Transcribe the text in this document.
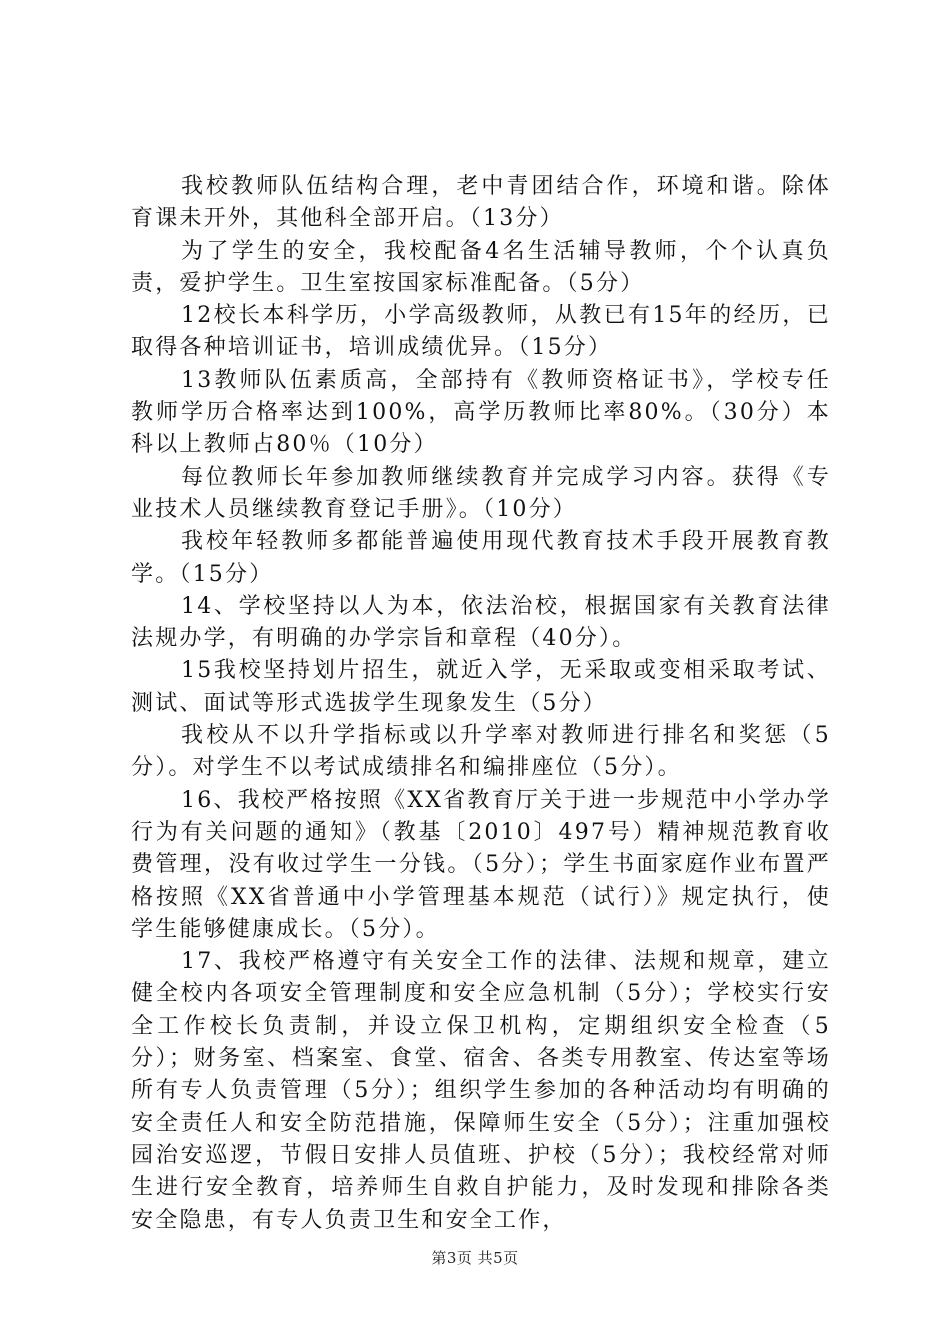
我校教师队伍结构合理，老中青团结合作，环境和谐。除体育课未开外，其他科全部开启。（13分）

为了学生的安全，我校配备4名生活辅导教师，个个认真负责，爱护学生。卫生室按国家标准配备。（5分）

12校长本科学历，小学高级教师，从教已有15年的经历，已取得各种培训证书，培训成绩优异。（15分）

13教师队伍素质高，全部持有《教师资格证书》，学校专任教师学历合格率达到100%，高学历教师比率80%。（30分）本科以上教师占80％（10分）

每位教师长年参加教师继续教育并完成学习内容。获得《专业技术人员继续教育登记手册》。（10分）

我校年轻教师多都能普遍使用现代教育技术手段开展教育教学。（15分）

14、学校坚持以人为本，依法治校，根据国家有关教育法律法规办学，有明确的办学宗旨和章程（40分）。

15我校坚持划片招生，就近入学，无采取或变相采取考试、测试、面试等形式选拔学生现象发生（5分）

我校从不以升学指标或以升学率对教师进行排名和奖惩（5分）。对学生不以考试成绩排名和编排座位（5分）。

16、我校严格按照《XX省教育厅关于进一步规范中小学办学行为有关问题的通知》（教基〔2010〕497号）精神规范教育收费管理，没有收过学生一分钱。（5分）；学生书面家庭作业布置严格按照《XX省普通中小学管理基本规范（试行）》规定执行，使学生能够健康成长。（5分）。

17、我校严格遵守有关安全工作的法律、法规和规章，建立健全校内各项安全管理制度和安全应急机制（5分）；学校实行安全工作校长负责制，并设立保卫机构，定期组织安全检查（5分）；财务室、档案室、食堂、宿舍、各类专用教室、传达室等场所有专人负责管理（5分）；组织学生参加的各种活动均有明确的安全责任人和安全防范措施，保障师生安全（5分）；注重加强校园治安巡逻，节假日安排人员值班、护校（5分）；我校经常对师生进行安全教育，培养师生自救自护能力，及时发现和排除各类安全隐患，有专人负责卫生和安全工作，

第3页 共5页
